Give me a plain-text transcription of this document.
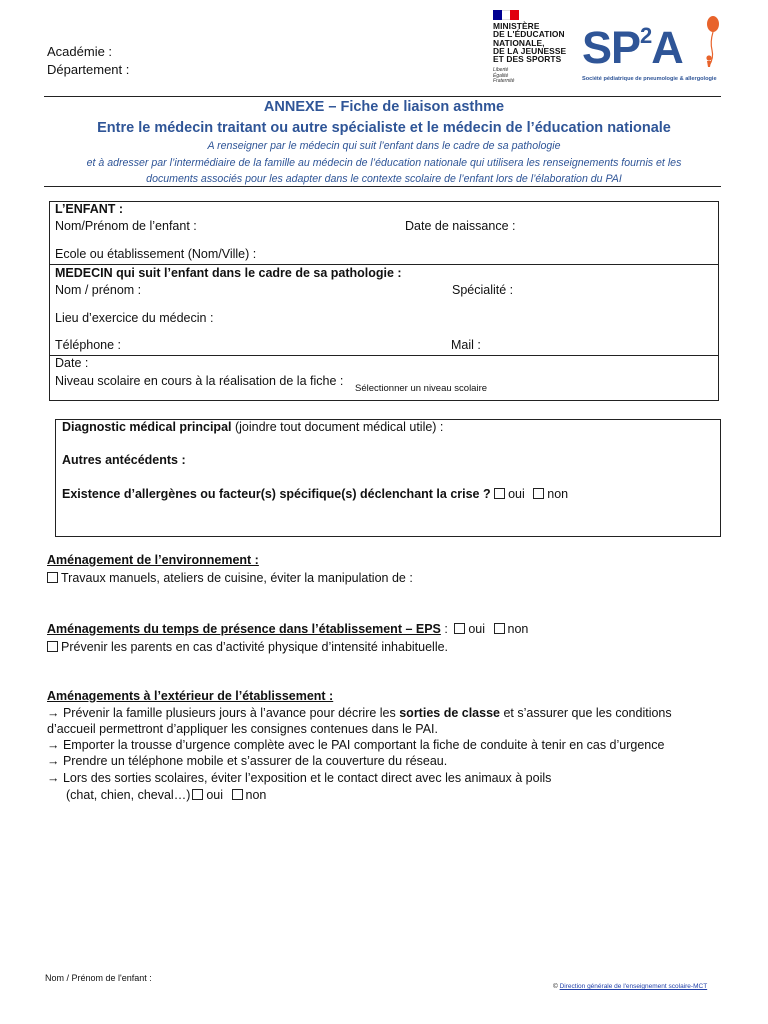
Académie :
Département :
MINISTÈRE
DE L'ÉDUCATION
NATIONALE,
DE LA JEUNESSE
ET DES SPORTS
Liberté
Égalité
Fraternité
$SP^2A$
Société pédiatrique de pneumologie & allergologie
ANNEXE – Fiche de liaison asthme
Entre le médecin traitant ou autre spécialiste et le médecin de l’éducation nationale
A renseigner par le médecin qui suit l’enfant dans le cadre de sa pathologie
et à adresser par l’intermédiaire de la famille au médecin de l’éducation nationale qui utilisera les renseignements fournis et les
documents associés pour les adapter dans le contexte scolaire de l’enfant lors de l’élaboration du PAI
L’ENFANT :
Nom/Prénom de l’enfant :	Date de naissance :
Ecole ou établissement (Nom/Ville) :
MEDECIN qui suit l’enfant dans le cadre de sa pathologie :
Nom / prénom :	Spécialité :
Lieu d’exercice du médecin :
Téléphone :	Mail :
Date :
Niveau scolaire en cours à la réalisation de la fiche :
Sélectionner un niveau scolaire
Diagnostic médical principal (joindre tout document médical utile) :
Autres antécédents :
Existence d’allergènes ou facteur(s) spécifique(s) déclenchant la crise ? oui non
Aménagement de l’environnement :
Travaux manuels, ateliers de cuisine, éviter la manipulation de :
Aménagements du temps de présence dans l’établissement – EPS : oui non
Prévenir les parents en cas d’activité physique d’intensité inhabituelle.
Aménagements à l’extérieur de l’établissement :
→ Prévenir la famille plusieurs jours à l’avance pour décrire les sorties de classe et s’assurer que les conditions
d’accueil permettront d’appliquer les consignes contenues dans le PAI.
→ Emporter la trousse d’urgence complète avec le PAI comportant la fiche de conduite à tenir en cas d’urgence
→ Prendre un téléphone mobile et s’assurer de la couverture du réseau.
→ Lors des sorties scolaires, éviter l’exposition et le contact direct avec les animaux à poils
(chat, chien, cheval…) oui non
Nom / Prénom de l'enfant :
© Direction générale de l'enseignement scolaire-MCT
